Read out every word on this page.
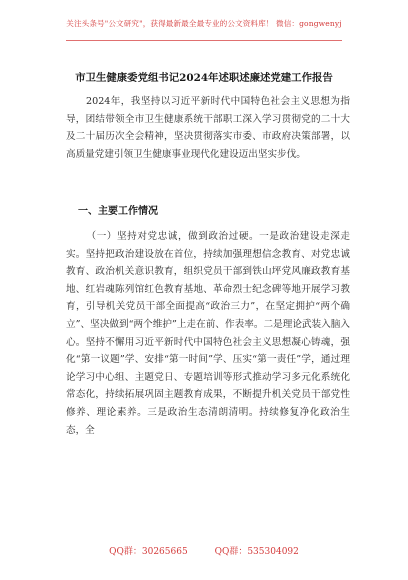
关注头条号"公文研究"，获得最新最全最专业的公文资料库！ 微信：gongwenyj
市卫生健康委党组书记2024年述职述廉述党建工作报告
2024年，我坚持以习近平新时代中国特色社会主义思想为指导，团结带领全市卫生健康系统干部职工深入学习贯彻党的二十大及二十届历次全会精神，坚决贯彻落实市委、市政府决策部署，以高质量党建引领卫生健康事业现代化建设迈出坚实步伐。
一、主要工作情况
（一）坚持对党忠诚，做到政治过硬。一是政治建设走深走实。坚持把政治建设放在首位，持续加强理想信念教育、对党忠诚教育、政治机关意识教育，组织党员干部到铁山坪党风廉政教育基地、红岩魂陈列馆红色教育基地、革命烈士纪念碑等地开展学习教育，引导机关党员干部全面提高“政治三力”，在坚定拥护“两个确立”、坚决做到“两个维护”上走在前、作表率。二是理论武装入脑入心。坚持不懈用习近平新时代中国特色社会主义思想凝心铸魂，强化“第一议题”学、安排“第一时间”学、压实“第一责任”学，通过理论学习中心组、主题党日、专题培训等形式推动学习多元化系统化常态化，持续拓展巩固主题教育成果，不断提升机关党员干部党性修养、理论素养。三是政治生态清朗清明。持续修复净化政治生态，全
QQ群：30265665	QQ群：535304092
